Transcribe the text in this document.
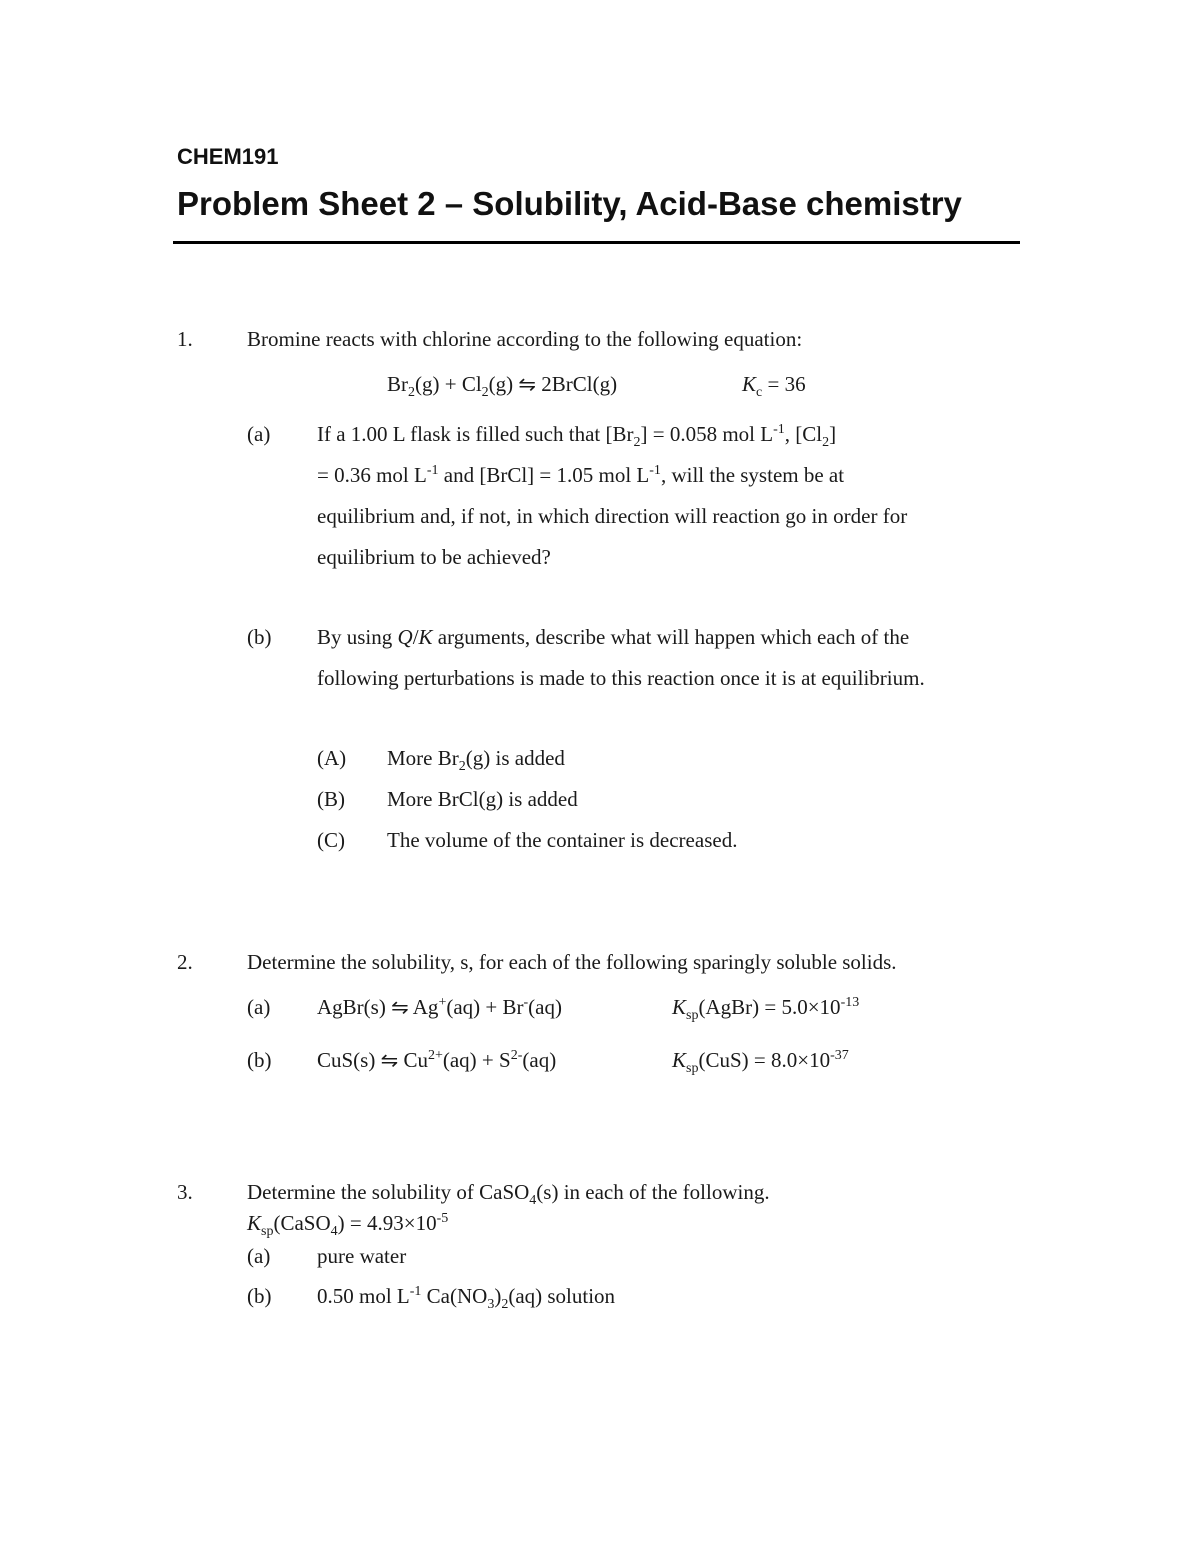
CHEM191
Problem Sheet 2 – Solubility, Acid-Base chemistry
1.	Bromine reacts with chlorine according to the following equation:
$Br_2(g) + Cl_2(g)$ ⇋ 2BrCl(g)	$K_c = 36$
(a) If a 1.00 L flask is filled such that $[Br_2] = 0.058$ mol $L^{-1}$, $[Cl_2]$
= 0.36 mol $L^{-1}$ and [BrCl] = 1.05 mol $L^{-1}$, will the system be at
equilibrium and, if not, in which direction will reaction go in order for
equilibrium to be achieved?
(b) By using Q/K arguments, describe what will happen which each of the
following perturbations is made to this reaction once it is at equilibrium.
(A) More $Br_2(g)$ is added
(B) More BrCl(g) is added
(C) The volume of the container is decreased.
2.	Determine the solubility, s, for each of the following sparingly soluble solids.
(a) AgBr(s) ⇋ Ag+(aq) + Br-(aq)	$K_{sp}(AgBr) = 5.0\times 10^{-13}$
(b) CuS(s) ⇋ $Cu^{2+}(aq) + S^{2-}(aq)$	$K_{sp}(CuS) = 8.0\times 10^{-37}$
3.	Determine the solubility of CaSO$_4$(s) in each of the following.
$K_{sp}(CaSO_4) = 4.93\times 10^{-5}$
(a) pure water
(b) 0.50 mol $L^{-1}$ $Ca(NO_3)_2(aq)$ solution
